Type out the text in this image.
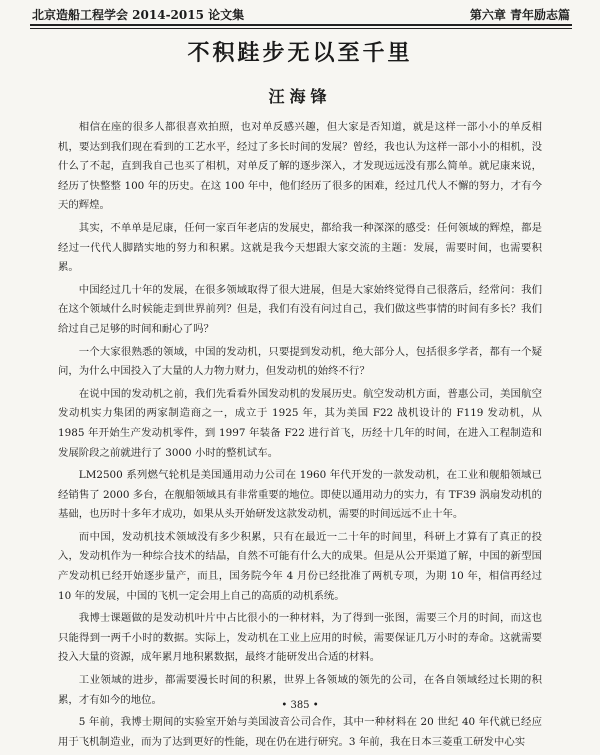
北京造船工程学会 2014-2015 论文集	第六章 青年励志篇
不积跬步无以至千里
汪海锋

相信在座的很多人都很喜欢拍照，也对单反感兴趣，但大家是否知道，就是这样一部小小的单反相机，要达到我们现在看到的工艺水平，经过了多长时间的发展？曾经，我也认为这样一部小小的相机，没什么了不起，直到我自己也买了相机，对单反了解的逐步深入，才发现远远没有那么简单。就尼康来说，经历了快整整 100 年的历史。在这 100 年中，他们经历了很多的困难，经过几代人不懈的努力，才有今天的辉煌。

其实，不单单是尼康，任何一家百年老店的发展史，都给我一种深深的感受：任何领域的辉煌，都是经过一代代人脚踏实地的努力和积累。这就是我今天想跟大家交流的主题：发展，需要时间，也需要积累。

中国经过几十年的发展，在很多领域取得了很大进展，但是大家始终觉得自己很落后，经常问：我们在这个领域什么时候能走到世界前列？但是，我们有没有问过自己，我们做这些事情的时间有多长？我们给过自己足够的时间和耐心了吗？

一个大家很熟悉的领域，中国的发动机，只要提到发动机，绝大部分人，包括很多学者，都有一个疑问，为什么中国投入了大量的人力物力财力，但发动机的始终不行？

在说中国的发动机之前，我们先看看外国发动机的发展历史。航空发动机方面，普惠公司，美国航空发动机实力集团的两家制造商之一，成立于 1925 年，其为美国 F22 战机设计的 F119 发动机，从 1985 年开始生产发动机零件，到 1997 年装备 F22 进行首飞，历经十几年的时间，在进入工程制造和发展阶段之前就进行了 3000 小时的整机试车。

LM2500 系列燃气轮机是美国通用动力公司在 1960 年代开发的一款发动机，在工业和舰船领域已经销售了 2000 多台，在舰船领域具有非常重要的地位。即使以通用动力的实力，有 TF39 涡扇发动机的基础，也历时十多年才成功，如果从头开始研发这款发动机，需要的时间远远不止十年。

而中国，发动机技术领域没有多少积累，只有在最近一二十年的时间里，科研上才算有了真正的投入，发动机作为一种综合技术的结晶，自然不可能有什么大的成果。但是从公开渠道了解，中国的新型国产发动机已经开始逐步量产，而且，国务院今年 4 月份已经批准了两机专项，为期 10 年，相信再经过 10 年的发展，中国的飞机一定会用上自己的高质的动机系统。

我博士课题做的是发动机叶片中占比很小的一种材料，为了得到一张图，需要三个月的时间，而这也只能得到一两千小时的数据。实际上，发动机在工业上应用的时候，需要保证几万小时的寿命。这就需要投入大量的资源，成年累月地积累数据，最终才能研发出合适的材料。

工业领域的进步，都需要漫长时间的积累，世界上各领域的领先的公司，在各自领域经过长期的积累，才有如今的地位。

5 年前，我博士期间的实验室开始与美国波音公司合作，其中一种材料在 20 世纪 40 年代就已经应用于飞机制造业，而为了达到更好的性能，现在仍在进行研究。3 年前，我在日本三菱重工研发中心实

• 385 •
